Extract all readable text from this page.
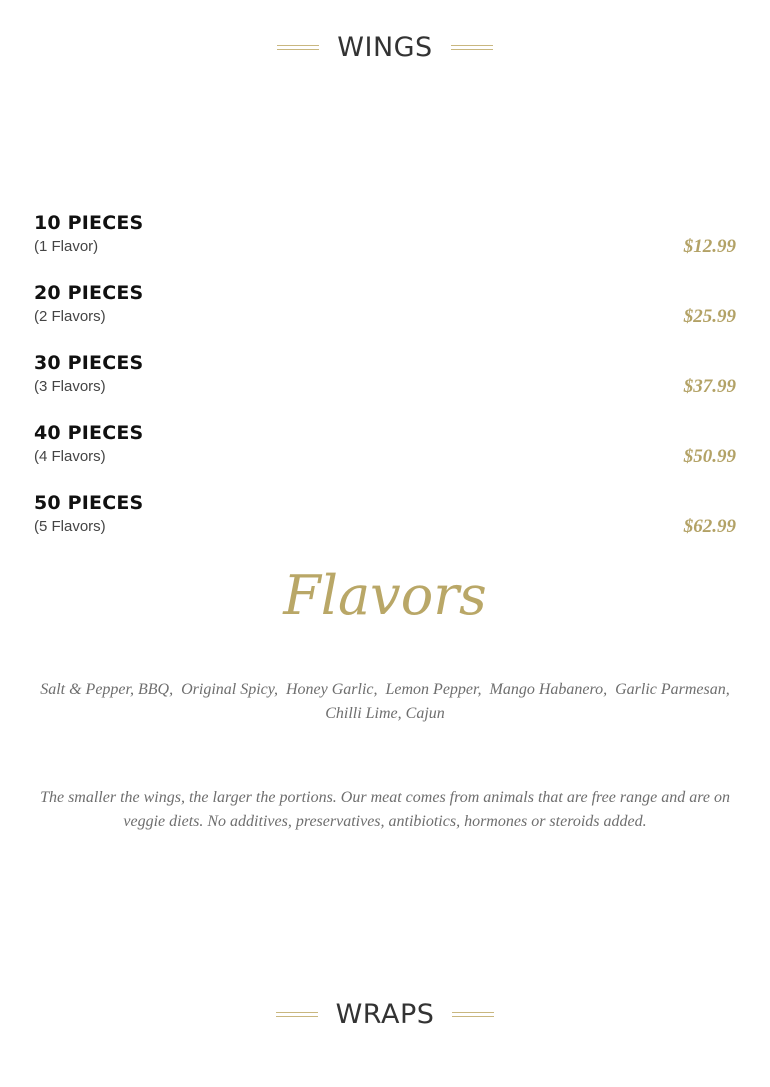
WINGS
10 PIECES
(1 Flavor)	$12.99
20 PIECES
(2 Flavors)	$25.99
30 PIECES
(3 Flavors)	$37.99
40 PIECES
(4 Flavors)	$50.99
50 PIECES
(5 Flavors)	$62.99
Flavors
Salt & Pepper, BBQ,  Original Spicy,  Honey Garlic,  Lemon Pepper,  Mango Habanero,  Garlic Parmesan, Chilli Lime, Cajun
The smaller the wings, the larger the portions. Our meat comes from animals that are free range and are on veggie diets. No additives, preservatives, antibiotics, hormones or steroids added.
WRAPS
